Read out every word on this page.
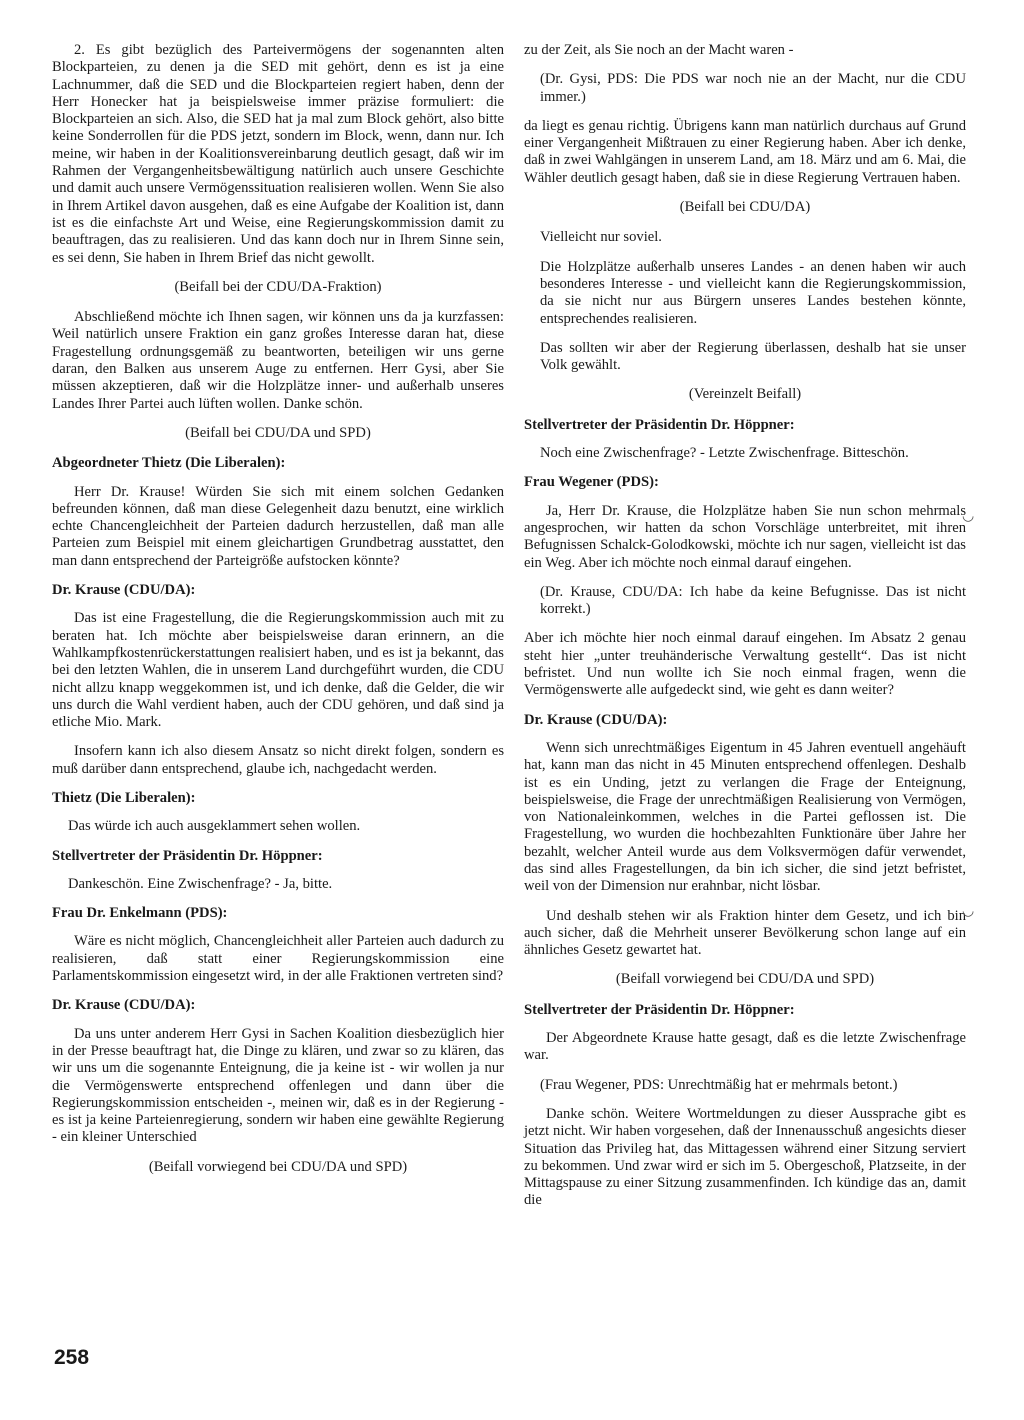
2. Es gibt bezüglich des Parteivermögens der sogenannten alten Blockparteien, zu denen ja die SED mit gehört, denn es ist ja eine Lachnummer, daß die SED und die Blockparteien regiert haben, denn der Herr Honecker hat ja beispielsweise immer präzise formuliert: die Blockparteien an sich. Also, die SED hat ja mal zum Block gehört, also bitte keine Sonderrollen für die PDS jetzt, sondern im Block, wenn, dann nur. Ich meine, wir haben in der Koalitionsvereinbarung deutlich gesagt, daß wir im Rahmen der Vergangenheitsbewältigung natürlich auch unsere Geschichte und damit auch unsere Vermögenssituation realisieren wollen. Wenn Sie also in Ihrem Artikel davon ausgehen, daß es eine Aufgabe der Koalition ist, dann ist es die einfachste Art und Weise, eine Regierungskommission damit zu beauftragen, das zu realisieren. Und das kann doch nur in Ihrem Sinne sein, es sei denn, Sie haben in Ihrem Brief das nicht gewollt.

(Beifall bei der CDU/DA-Fraktion)

Abschließend möchte ich Ihnen sagen, wir können uns da ja kurzfassen: Weil natürlich unsere Fraktion ein ganz großes Interesse daran hat, diese Fragestellung ordnungsgemäß zu beantworten, beteiligen wir uns gerne daran, den Balken aus unserem Auge zu entfernen. Herr Gysi, aber Sie müssen akzeptieren, daß wir die Holzplätze inner- und außerhalb unseres Landes Ihrer Partei auch lüften wollen. Danke schön.

(Beifall bei CDU/DA und SPD)

Abgeordneter Thietz (Die Liberalen):

Herr Dr. Krause! Würden Sie sich mit einem solchen Gedanken befreunden können, daß man diese Gelegenheit dazu benutzt, eine wirklich echte Chancengleichheit der Parteien dadurch herzustellen, daß man alle Parteien zum Beispiel mit einem gleichartigen Grundbetrag ausstattet, den man dann entsprechend der Parteigröße aufstocken könnte?

Dr. Krause (CDU/DA):

Das ist eine Fragestellung, die die Regierungskommission auch mit zu beraten hat. Ich möchte aber beispielsweise daran erinnern, an die Wahlkampfkostenrückerstattungen realisiert haben, und es ist ja bekannt, das bei den letzten Wahlen, die in unserem Land durchgeführt wurden, die CDU nicht allzu knapp weggekommen ist, und ich denke, daß die Gelder, die wir uns durch die Wahl verdient haben, auch der CDU gehören, und daß sind ja etliche Mio. Mark.

Insofern kann ich also diesem Ansatz so nicht direkt folgen, sondern es muß darüber dann entsprechend, glaube ich, nachgedacht werden.

Thietz (Die Liberalen):

Das würde ich auch ausgeklammert sehen wollen.

Stellvertreter der Präsidentin Dr. Höppner:

Dankeschön. Eine Zwischenfrage? - Ja, bitte.

Frau Dr. Enkelmann (PDS):

Wäre es nicht möglich, Chancengleichheit aller Parteien auch dadurch zu realisieren, daß statt einer Regierungskommission eine Parlamentskommission eingesetzt wird, in der alle Fraktionen vertreten sind?

Dr. Krause (CDU/DA):

Da uns unter anderem Herr Gysi in Sachen Koalition diesbezüglich hier in der Presse beauftragt hat, die Dinge zu klären, und zwar so zu klären, das wir uns um die sogenannte Enteignung, die ja keine ist - wir wollen ja nur die Vermögenswerte entsprechend offenlegen und dann über die Regierungskommission entscheiden -, meinen wir, daß es in der Regierung - es ist ja keine Parteienregierung, sondern wir haben eine gewählte Regierung - ein kleiner Unterschied

(Beifall vorwiegend bei CDU/DA und SPD)

zu der Zeit, als Sie noch an der Macht waren -

(Dr. Gysi, PDS: Die PDS war noch nie an der Macht, nur die CDU immer.)

da liegt es genau richtig. Übrigens kann man natürlich durchaus auf Grund einer Vergangenheit Mißtrauen zu einer Regierung haben. Aber ich denke, daß in zwei Wahlgängen in unserem Land, am 18. März und am 6. Mai, die Wähler deutlich gesagt haben, daß sie in diese Regierung Vertrauen haben.

(Beifall bei CDU/DA)

Vielleicht nur soviel.

Die Holzplätze außerhalb unseres Landes - an denen haben wir auch besonderes Interesse - und vielleicht kann die Regierungskommission, da sie nicht nur aus Bürgern unseres Landes bestehen könnte, entsprechendes realisieren.

Das sollten wir aber der Regierung überlassen, deshalb hat sie unser Volk gewählt.

(Vereinzelt Beifall)

Stellvertreter der Präsidentin Dr. Höppner:

Noch eine Zwischenfrage? - Letzte Zwischenfrage. Bitteschön.

Frau Wegener (PDS):

Ja, Herr Dr. Krause, die Holzplätze haben Sie nun schon mehrmals angesprochen, wir hatten da schon Vorschläge unterbreitet, mit ihren Befugnissen Schalck-Golodkowski, möchte ich nur sagen, vielleicht ist das ein Weg. Aber ich möchte noch einmal darauf eingehen.

(Dr. Krause, CDU/DA: Ich habe da keine Befugnisse. Das ist nicht korrekt.)

Aber ich möchte hier noch einmal darauf eingehen. Im Absatz 2 genau steht hier „unter treuhänderische Verwaltung gestellt“. Das ist nicht befristet. Und nun wollte ich Sie noch einmal fragen, wenn die Vermögenswerte alle aufgedeckt sind, wie geht es dann weiter?

Dr. Krause (CDU/DA):

Wenn sich unrechtmäßiges Eigentum in 45 Jahren eventuell angehäuft hat, kann man das nicht in 45 Minuten entsprechend offenlegen. Deshalb ist es ein Unding, jetzt zu verlangen die Frage der Enteignung, beispielsweise, die Frage der unrechtmäßigen Realisierung von Vermögen, von Nationaleinkommen, welches in die Partei geflossen ist. Die Fragestellung, wo wurden die hochbezahlten Funktionäre über Jahre her bezahlt, welcher Anteil wurde aus dem Volksvermögen dafür verwendet, das sind alles Fragestellungen, da bin ich sicher, die sind jetzt befristet, weil von der Dimension nur erahnbar, nicht lösbar.

Und deshalb stehen wir als Fraktion hinter dem Gesetz, und ich bin auch sicher, daß die Mehrheit unserer Bevölkerung schon lange auf ein ähnliches Gesetz gewartet hat.

(Beifall vorwiegend bei CDU/DA und SPD)

Stellvertreter der Präsidentin Dr. Höppner:

Der Abgeordnete Krause hatte gesagt, daß es die letzte Zwischenfrage war.

(Frau Wegener, PDS: Unrechtmäßig hat er mehrmals betont.)

Danke schön. Weitere Wortmeldungen zu dieser Aussprache gibt es jetzt nicht. Wir haben vorgesehen, daß der Innenausschuß angesichts dieser Situation das Privileg hat, das Mittagessen während einer Sitzung serviert zu bekommen. Und zwar wird er sich im 5. Obergeschoß, Platzseite, in der Mittagspause zu einer Sitzung zusammenfinden. Ich kündige das an, damit die

258
◡
◡
